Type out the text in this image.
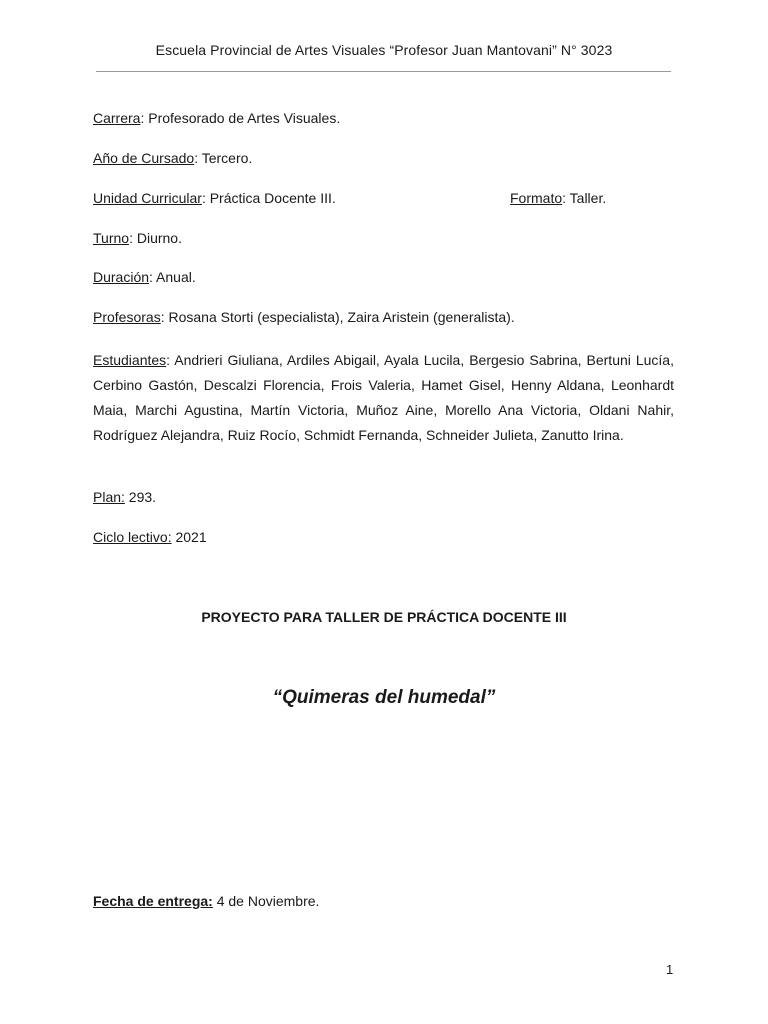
Escuela Provincial de Artes Visuales “Profesor Juan Mantovani” N° 3023
Carrera: Profesorado de Artes Visuales.
Año de Cursado: Tercero.
Unidad Curricular: Práctica Docente III.	Formato: Taller.
Turno: Diurno.
Duración: Anual.
Profesoras: Rosana Storti (especialista), Zaira Aristein (generalista).
Estudiantes: Andrieri Giuliana, Ardiles Abigail, Ayala Lucila, Bergesio Sabrina, Bertuni Lucía, Cerbino Gastón, Descalzi Florencia, Frois Valeria, Hamet Gisel, Henny Aldana, Leonhardt Maia, Marchi Agustina, Martín Victoria, Muñoz Aine, Morello Ana Victoria, Oldani Nahir, Rodríguez Alejandra, Ruiz Rocío, Schmidt Fernanda, Schneider Julieta, Zanutto Irina.
Plan: 293.
Ciclo lectivo: 2021
PROYECTO PARA TALLER DE PRÁCTICA DOCENTE III
“Quimeras del humedal”
Fecha de entrega: 4 de Noviembre.
1
